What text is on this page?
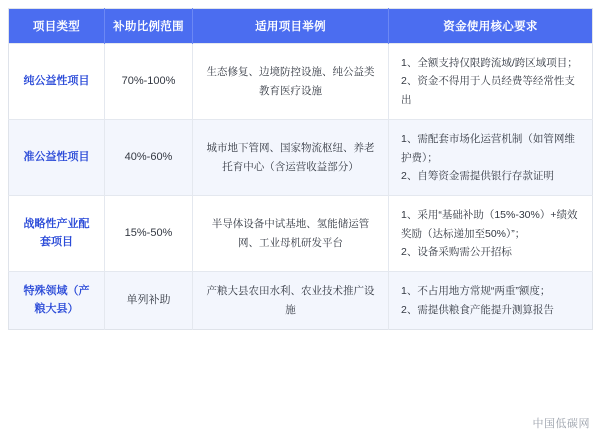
项目类型	补助比例范围	适用项目举例	资金使用核心要求
纯公益性项目	70%-100%	生态修复、边境防控设施、纯公益类教育医疗设施	1、全额支持仅限跨流域/跨区域项目；
2、资金不得用于人员经费等经常性支出

准公益性项目	40%-60%	城市地下管网、国家物流枢纽、养老托育中心（含运营收益部分）	1、需配套市场化运营机制（如管网维护费）；
2、自筹资金需提供银行存款证明

战略性产业配套项目	15%-50%	半导体设备中试基地、氢能储运管网、工业母机研发平台	1、采用“基础补助（15%-30%）+绩效奖励（达标递加至50%）”；
2、设备采购需公开招标

特殊领域（产粮大县）	单列补助	产粮大县农田水利、农业技术推广设施	1、不占用地方常规“两重”额度；
2、需提供粮食产能提升测算报告
中国低碳网
